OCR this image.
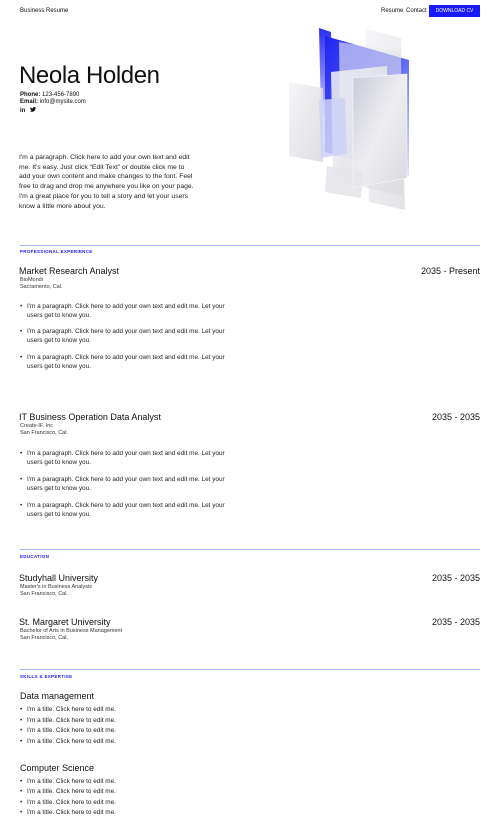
Business Resume	Resume Contact	DOWNLOAD CV
Neola Holden
Phone: 123-456-7890
Email: info@mysite.com
in

I'm a paragraph. Click here to add your own text and edit me. It's easy. Just click “Edit Text” or double click me to add your own content and make changes to the font. Feel free to drag and drop me anywhere you like on your page. I'm a great place for you to tell a story and let your users know a little more about you.

PROFESSIONAL EXPERIENCE
Market Research Analyst	2035 - Present
BioMondi
Sacramento, Cal.
• I'm a paragraph. Click here to add your own text and edit me. Let your users get to know you.
• I'm a paragraph. Click here to add your own text and edit me. Let your users get to know you.
• I'm a paragraph. Click here to add your own text and edit me. Let your users get to know you.
IT Business Operation Data Analyst	2035 - 2035
Create-IF. Inc
San Francisco, Cal.
• I'm a paragraph. Click here to add your own text and edit me. Let your users get to know you.
• I'm a paragraph. Click here to add your own text and edit me. Let your users get to know you.
• I'm a paragraph. Click here to add your own text and edit me. Let your users get to know you.
EDUCATION
Studyhall University	2035 - 2035
Master's in Business Analysis
San Francisco, Cal.
St. Margaret University	2035 - 2035
Bachelor of Arts in Business Management
San Francisco, Cal.
SKILLS & EXPERTISE
Data management
• I'm a title. Click here to edit me.
• I'm a title. Click here to edit me.
• I'm a title. Click here to edit me.
• I'm a title. Click here to edit me.
Computer Science
• I'm a title. Click here to edit me.
• I'm a title. Click here to edit me.
• I'm a title. Click here to edit me.
• I'm a title. Click here to edit me.
